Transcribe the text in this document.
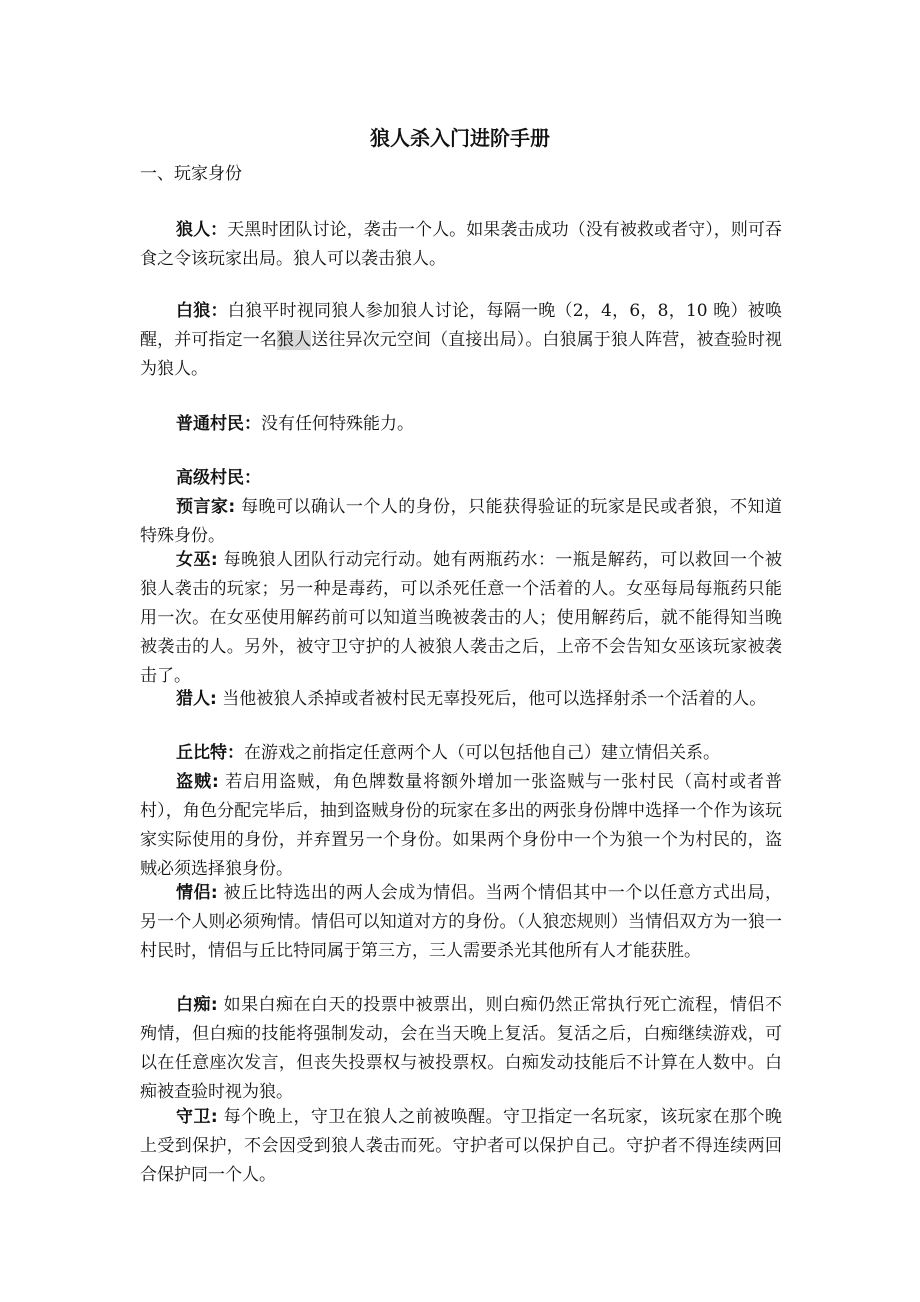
狼人杀入门进阶手册

一、玩家身份

狼人：天黑时团队讨论，袭击一个人。如果袭击成功（没有被救或者守），则可吞食之令该玩家出局。狼人可以袭击狼人。

白狼：白狼平时视同狼人参加狼人讨论，每隔一晚（2，4，6，8，10 晚）被唤醒，并可指定一名狼人送往异次元空间（直接出局）。白狼属于狼人阵营，被查验时视为狼人。

普通村民：没有任何特殊能力。

高级村民：

预言家: 每晚可以确认一个人的身份，只能获得验证的玩家是民或者狼，不知道特殊身份。

女巫: 每晚狼人团队行动完行动。她有两瓶药水：一瓶是解药，可以救回一个被狼人袭击的玩家；另一种是毒药，可以杀死任意一个活着的人。女巫每局每瓶药只能用一次。在女巫使用解药前可以知道当晚被袭击的人；使用解药后，就不能得知当晚被袭击的人。另外，被守卫守护的人被狼人袭击之后，上帝不会告知女巫该玩家被袭击了。

猎人: 当他被狼人杀掉或者被村民无辜投死后，他可以选择射杀一个活着的人。

丘比特：在游戏之前指定任意两个人（可以包括他自己）建立情侣关系。

盗贼: 若启用盗贼，角色牌数量将额外增加一张盗贼与一张村民（高村或者普村），角色分配完毕后，抽到盗贼身份的玩家在多出的两张身份牌中选择一个作为该玩家实际使用的身份，并弃置另一个身份。如果两个身份中一个为狼一个为村民的，盗贼必须选择狼身份。

情侣: 被丘比特选出的两人会成为情侣。当两个情侣其中一个以任意方式出局，另一个人则必须殉情。情侣可以知道对方的身份。（人狼恋规则）当情侣双方为一狼一村民时，情侣与丘比特同属于第三方，三人需要杀光其他所有人才能获胜。

白痴: 如果白痴在白天的投票中被票出，则白痴仍然正常执行死亡流程，情侣不殉情，但白痴的技能将强制发动，会在当天晚上复活。复活之后，白痴继续游戏，可以在任意座次发言，但丧失投票权与被投票权。白痴发动技能后不计算在人数中。白痴被查验时视为狼。

守卫: 每个晚上，守卫在狼人之前被唤醒。守卫指定一名玩家，该玩家在那个晚上受到保护，不会因受到狼人袭击而死。守护者可以保护自己。守护者不得连续两回合保护同一个人。
